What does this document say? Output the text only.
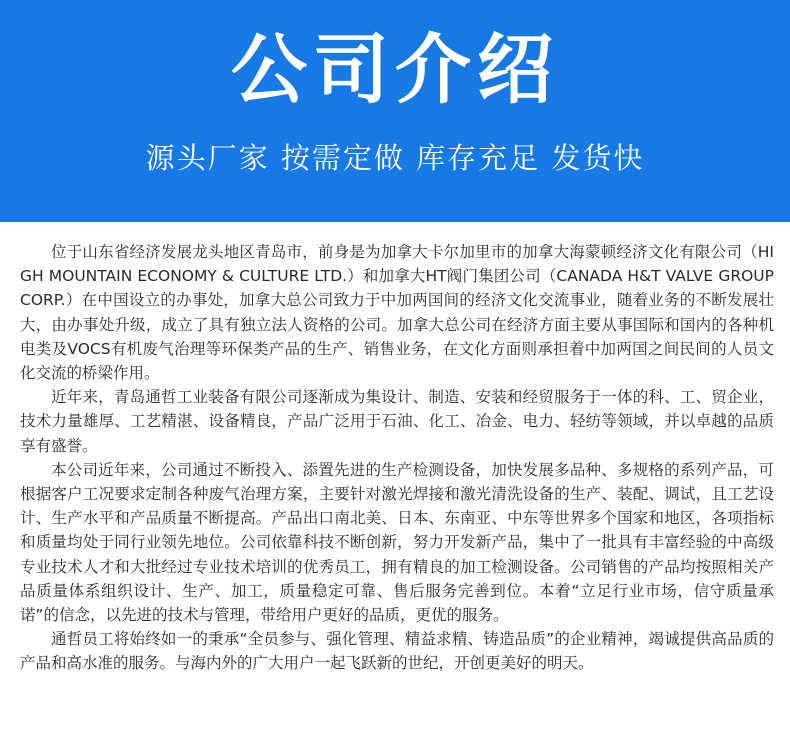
公司介绍
源头厂家 按需定做 库存充足 发货快

位于山东省经济发展龙头地区青岛市，前身是为加拿大卡尔加里市的加拿大海蒙顿经济文化有限公司（HIGH MOUNTAIN ECONOMY & CULTURE LTD.）和加拿大HT阀门集团公司（CANADA H&T VALVE GROUP CORP.）在中国设立的办事处，加拿大总公司致力于中加两国间的经济文化交流事业，随着业务的不断发展壮大，由办事处升级，成立了具有独立法人资格的公司。加拿大总公司在经济方面主要从事国际和国内的各种机电类及VOCS有机废气治理等环保类产品的生产、销售业务，在文化方面则承担着中加两国之间民间的人员文化交流的桥梁作用。

近年来，青岛通哲工业装备有限公司逐渐成为集设计、制造、安装和经贸服务于一体的科、工、贸企业，技术力量雄厚、工艺精湛、设备精良，产品广泛用于石油、化工、冶金、电力、轻纺等领域，并以卓越的品质享有盛誉。

本公司近年来，公司通过不断投入、添置先进的生产检测设备，加快发展多品种、多规格的系列产品，可根据客户工况要求定制各种废气治理方案，主要针对激光焊接和激光清洗设备的生产、装配、调试，且工艺设计、生产水平和产品质量不断提高。产品出口南北美、日本、东南亚、中东等世界多个国家和地区，各项指标和质量均处于同行业领先地位。公司依靠科技不断创新，努力开发新产品，集中了一批具有丰富经验的中高级专业技术人才和大批经过专业技术培训的优秀员工，拥有精良的加工检测设备。公司销售的产品均按照相关产品质量体系组织设计、生产、加工，质量稳定可靠、售后服务完善到位。本着“立足行业市场，信守质量承诺”的信念，以先进的技术与管理，带给用户更好的品质，更优的服务。

通哲员工将始终如一的秉承“全员参与、强化管理、精益求精、铸造品质”的企业精神，竭诚提供高品质的产品和高水准的服务。与海内外的广大用户一起飞跃新的世纪，开创更美好的明天。
